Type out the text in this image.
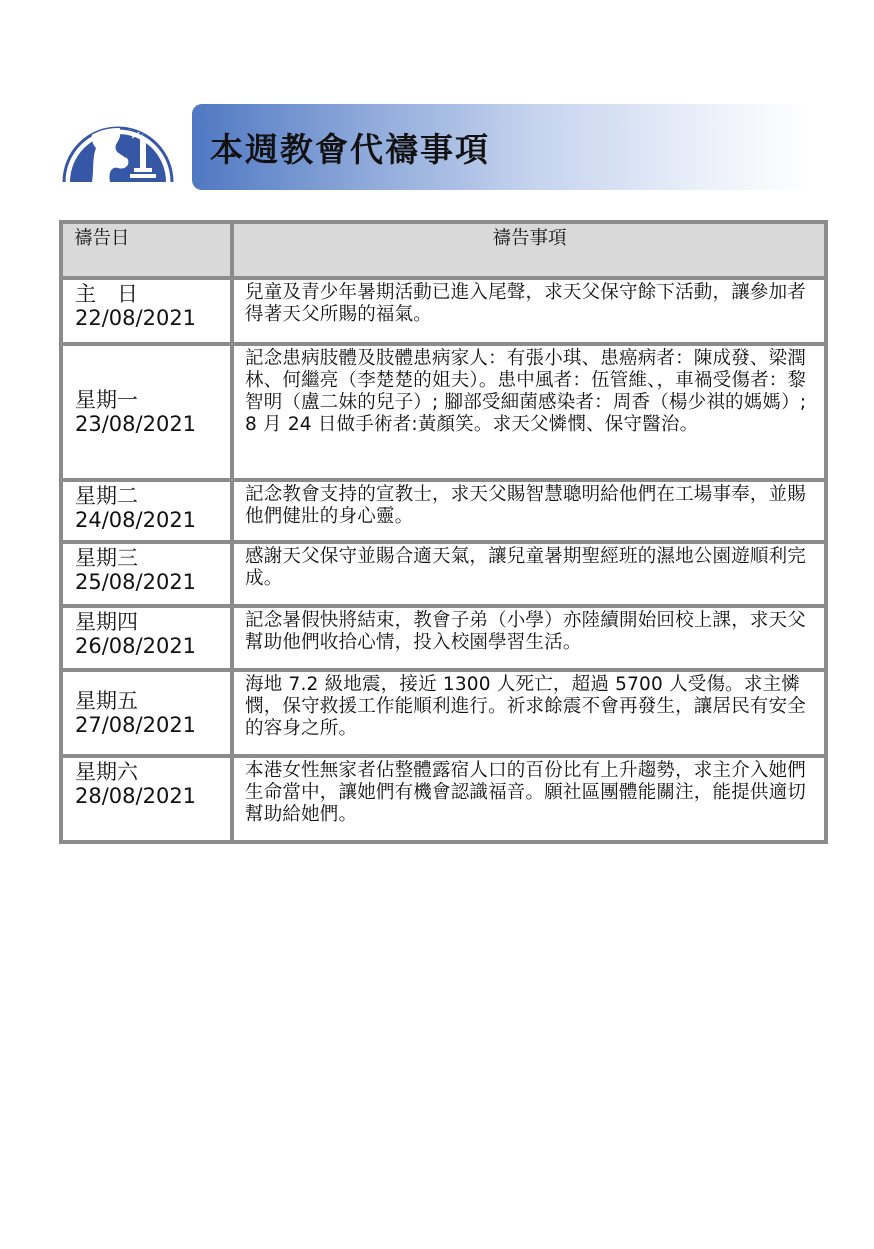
本週教會代禱事項
禱告日	禱告事項

主　日
22/08/2021	兒童及青少年暑期活動已進入尾聲，求天父保守餘下活動，讓參加者得著天父所賜的福氣。

星期一
23/08/2021	記念患病肢體及肢體患病家人：有張小琪、患癌病者：陳成發、梁潤林、何繼亮（李楚楚的姐夫）。患中風者：伍管維、，車禍受傷者：黎智明（盧二妹的兒子）; 腳部受細菌感染者：周香（楊少祺的媽媽）; 8 月 24 日做手術者:黃顏笑。求天父憐憫、保守醫治。

星期二
24/08/2021	記念教會支持的宣教士，求天父賜智慧聰明給他們在工場事奉，並賜他們健壯的身心靈。

星期三
25/08/2021	感謝天父保守並賜合適天氣，讓兒童暑期聖經班的濕地公園遊順利完成。

星期四
26/08/2021	記念暑假快將結束，教會子弟（小學）亦陸續開始回校上課，求天父幫助他們收拾心情，投入校園學習生活。

星期五
27/08/2021	海地 7.2 級地震，接近 1300 人死亡，超過 5700 人受傷。求主憐憫，保守救援工作能順利進行。祈求餘震不會再發生，讓居民有安全的容身之所。

星期六
28/08/2021	本港女性無家者佔整體露宿人口的百份比有上升趨勢，求主介入她們生命當中，讓她們有機會認識福音。願社區團體能關注，能提供適切幫助給她們。
